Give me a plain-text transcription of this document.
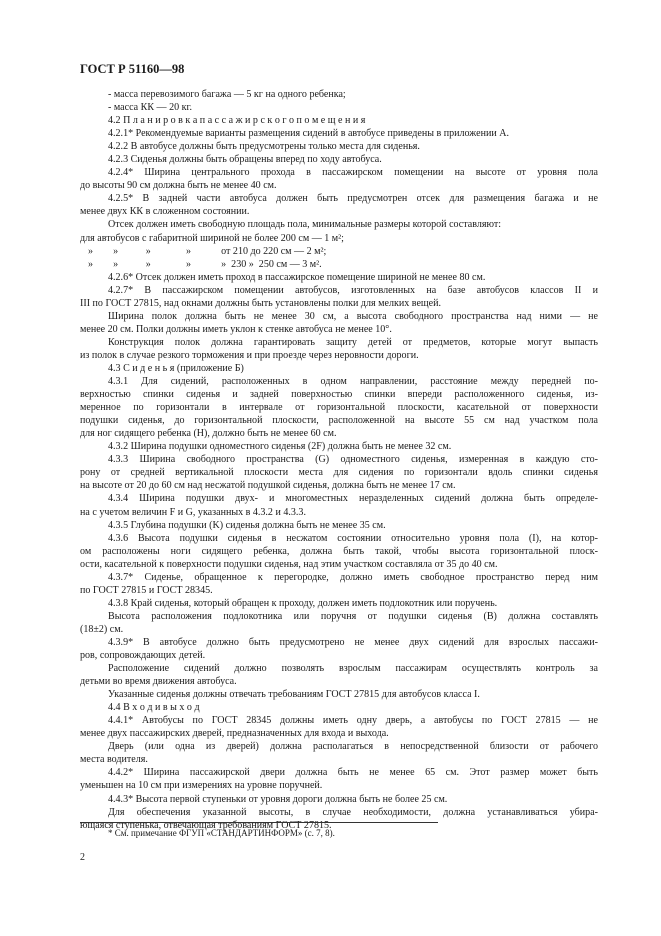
ГОСТ Р 51160—98
- масса перевозимого багажа — 5 кг на одного ребенка;
- масса КК — 20 кг.
4.2 П л а н и р о в к а п а с с а ж и р с к о г о п о м е щ е н и я
4.2.1* Рекомендуемые варианты размещения сидений в автобусе приведены в приложении А.
4.2.2 В автобусе должны быть предусмотрены только места для сиденья.
4.2.3 Сиденья должны быть обращены вперед по ходу автобуса.
4.2.4* Ширина центрального прохода в пассажирском помещении на высоте от уровня пола
до высоты 90 см должна быть не менее 40 см.
4.2.5* В задней части автобуса должен быть предусмотрен отсек для размещения багажа и не
менее двух КК в сложенном состоянии.
Отсек должен иметь свободную площадь пола, минимальные размеры которой составляют:
для автобусов с габаритной шириной не более 200 см — 1 м²;
»        »           »              »            от 210 до 220 см — 2 м²;
»        »           »              »            »  230 »  250 см — 3 м².
4.2.6* Отсек должен иметь проход в пассажирское помещение шириной не менее 80 см.
4.2.7* В пассажирском помещении автобусов, изготовленных на базе автобусов классов II и
III по ГОСТ 27815, над окнами должны быть установлены полки для мелких вещей.
Ширина полок должна быть не менее 30 см, а высота свободного пространства над ними — не
менее 20 см. Полки должны иметь уклон к стенке автобуса не менее 10°.
Конструкция полок должна гарантировать защиту детей от предметов, которые могут выпасть
из полок в случае резкого торможения и при проезде через неровности дороги.
4.3 С и д е н ь я (приложение Б)
4.3.1 Для сидений, расположенных в одном направлении, расстояние между передней по-
верхностью спинки сиденья и задней поверхностью спинки впереди расположенного сиденья, из-
меренное по горизонтали в интервале от горизонтальной плоскости, касательной от поверхности
подушки сиденья, до горизонтальной плоскости, расположенной на высоте 55 см над участком пола
для ног сидящего ребенка (H), должно быть не менее 60 см.
4.3.2 Ширина подушки одноместного сиденья (2F) должна быть не менее 32 см.
4.3.3 Ширина свободного пространства (G) одноместного сиденья, измеренная в каждую сто-
рону от средней вертикальной плоскости места для сидения по горизонтали вдоль спинки сиденья
на высоте от 20 до 60 см над несжатой подушкой сиденья, должна быть не менее 17 см.
4.3.4 Ширина подушки двух- и многоместных неразделенных сидений должна быть определе-
на с учетом величин F и G, указанных в 4.3.2 и 4.3.3.
4.3.5 Глубина подушки (K) сиденья должна быть не менее 35 см.
4.3.6 Высота подушки сиденья в несжатом состоянии относительно уровня пола (I), на котор-
ом расположены ноги сидящего ребенка, должна быть такой, чтобы высота горизонтальной плоск-
ости, касательной к поверхности подушки сиденья, над этим участком составляла от 35 до 40 см.
4.3.7* Сиденье, обращенное к перегородке, должно иметь свободное пространство перед ним
по ГОСТ 27815 и ГОСТ 28345.
4.3.8 Край сиденья, который обращен к проходу, должен иметь подлокотник или поручень.
Высота расположения подлокотника или поручня от подушки сиденья (B) должна составлять
(18±2) см.
4.3.9* В автобусе должно быть предусмотрено не менее двух сидений для взрослых пассажи-
ров, сопровождающих детей.
Расположение сидений должно позволять взрослым пассажирам осуществлять контроль за
детьми во время движения автобуса.
Указанные сиденья должны отвечать требованиям ГОСТ 27815 для автобусов класса I.
4.4 В х о д и в ы х о д
4.4.1* Автобусы по ГОСТ 28345 должны иметь одну дверь, а автобусы по ГОСТ 27815 — не
менее двух пассажирских дверей, предназначенных для входа и выхода.
Дверь (или одна из дверей) должна располагаться в непосредственной близости от рабочего
места водителя.
4.4.2* Ширина пассажирской двери должна быть не менее 65 см. Этот размер может быть
уменьшен на 10 см при измерениях на уровне поручней.
4.4.3* Высота первой ступеньки от уровня дороги должна быть не более 25 см.
Для обеспечения указанной высоты, в случае необходимости, должна устанавливаться убира-
ющаяся ступенька, отвечающая требованиям ГОСТ 27815.
* См. примечание ФГУП «СТАНДАРТИНФОРМ» (с. 7, 8).
2
